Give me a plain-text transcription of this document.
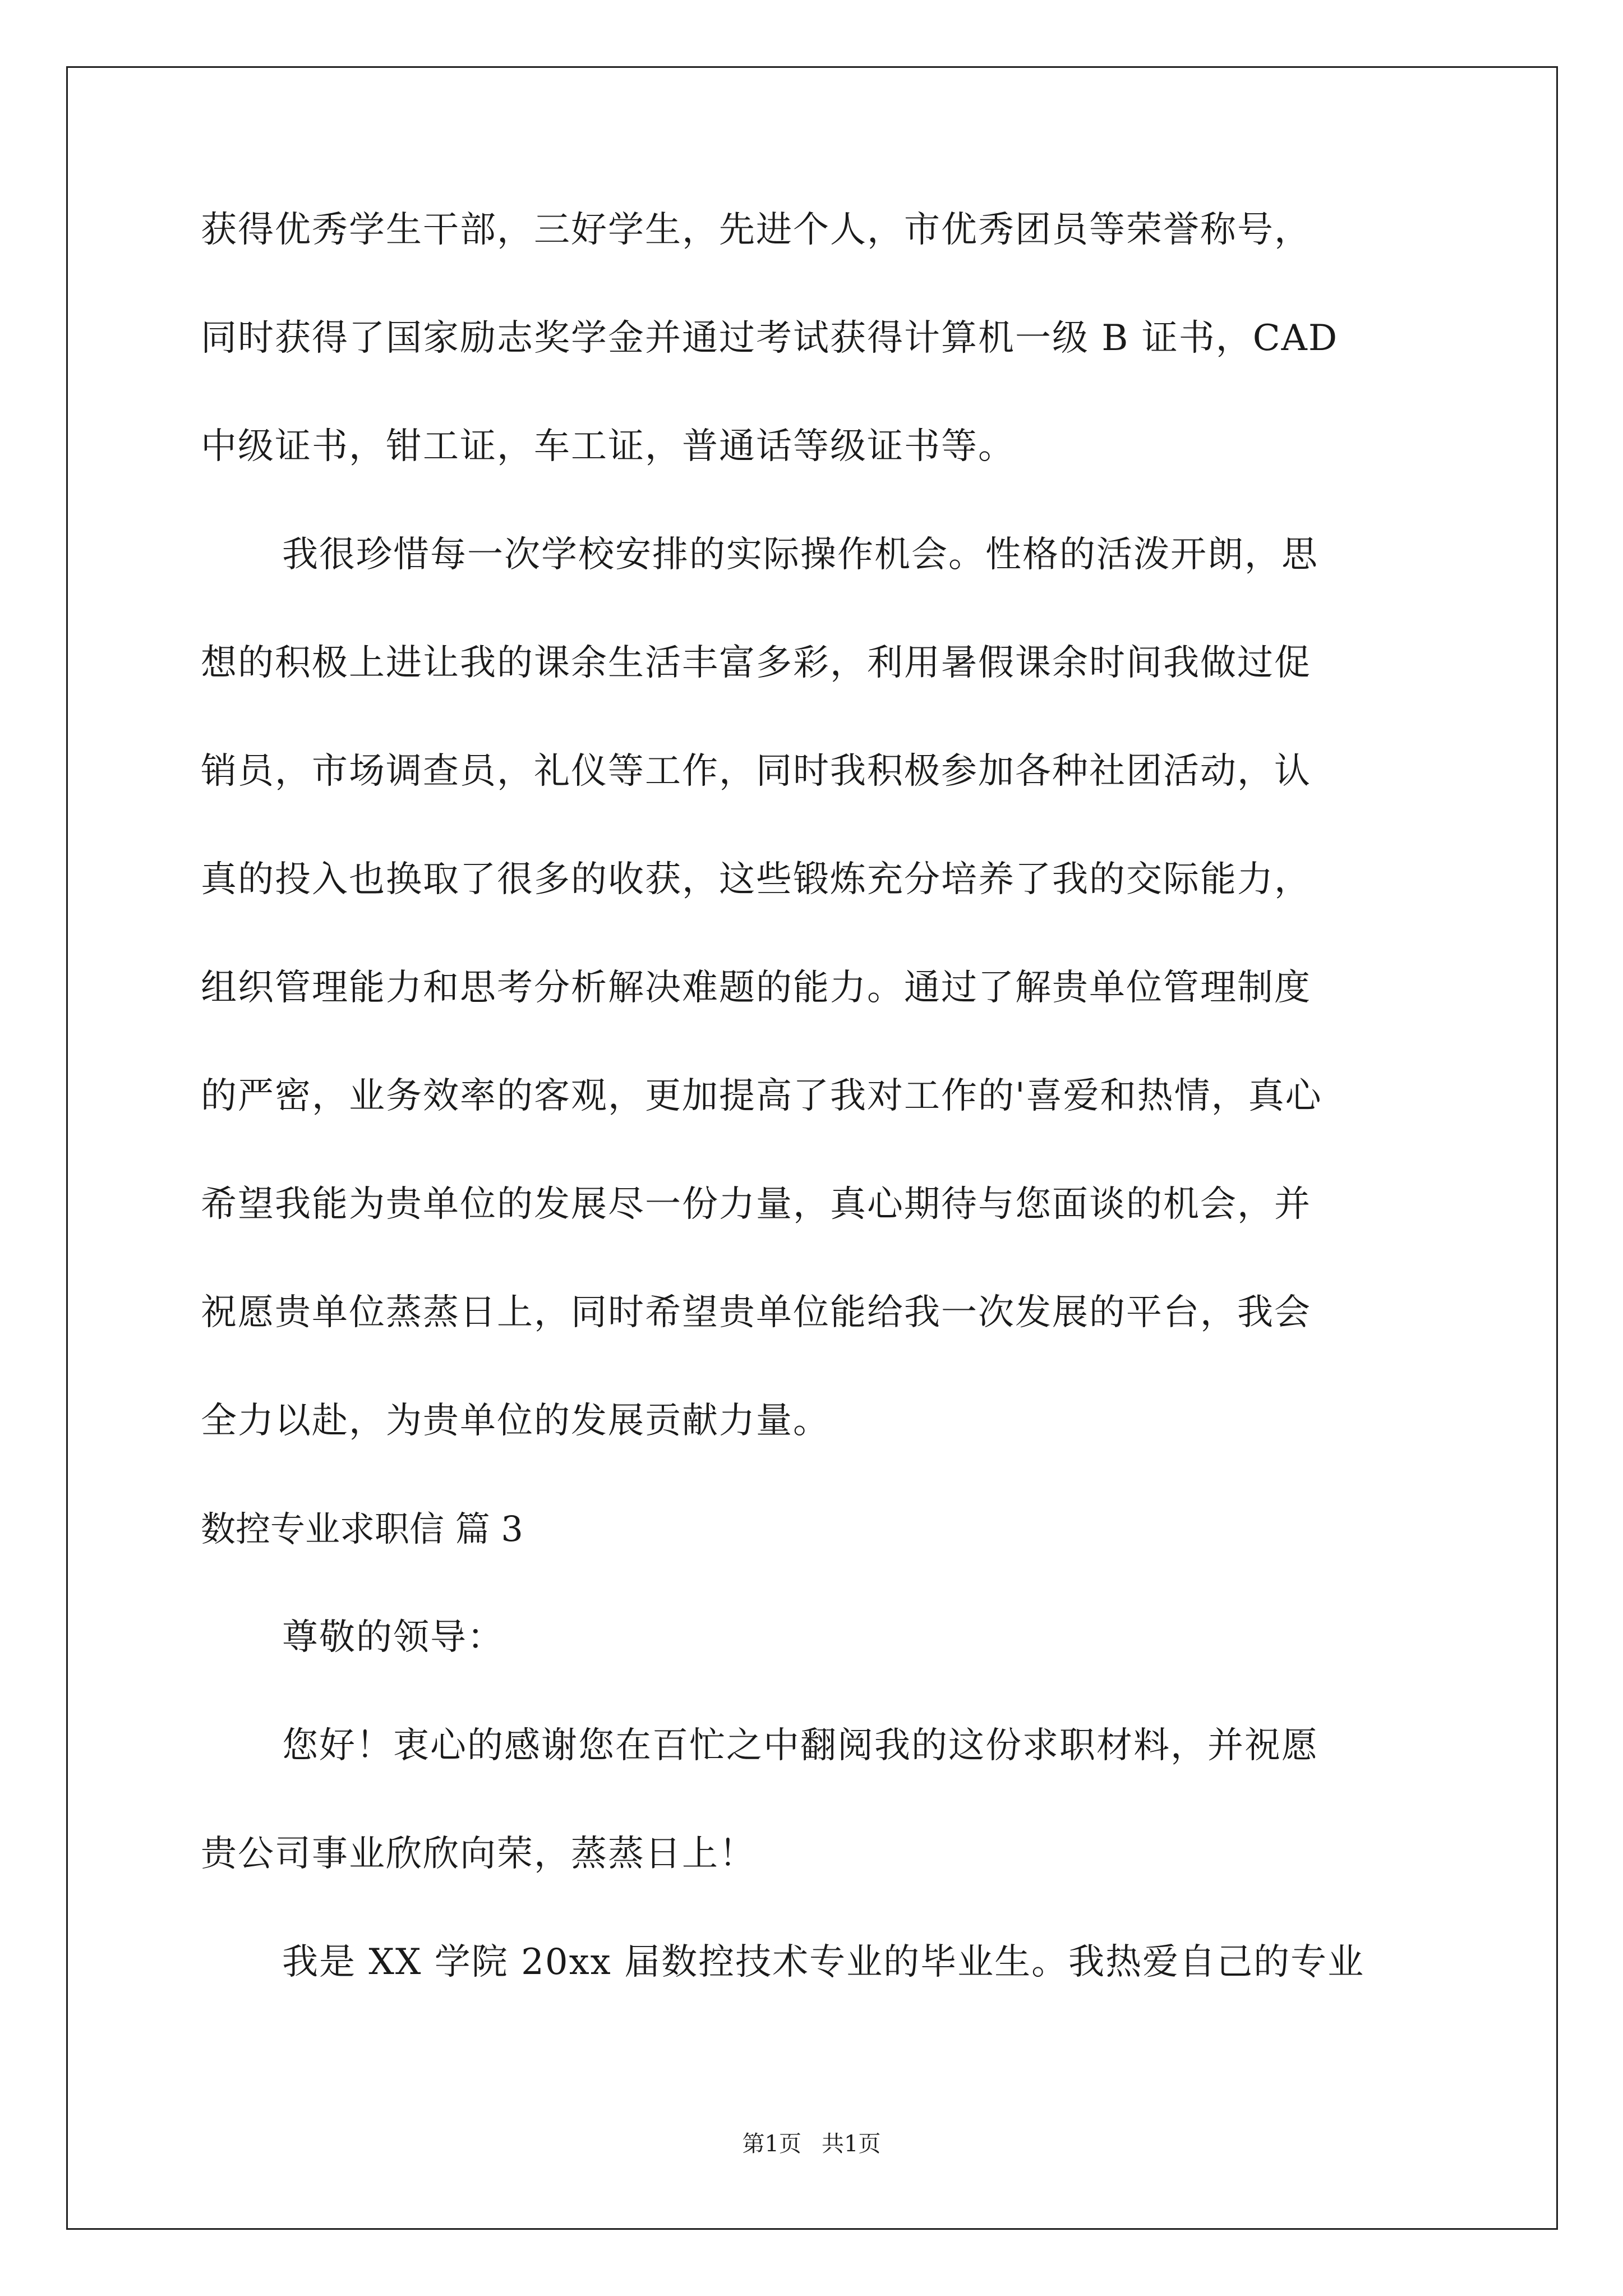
获得优秀学生干部，三好学生，先进个人，市优秀团员等荣誉称号，
同时获得了国家励志奖学金并通过考试获得计算机一级 B 证书，CAD
中级证书，钳工证，车工证，普通话等级证书等。
我很珍惜每一次学校安排的实际操作机会。性格的活泼开朗，思
想的积极上进让我的课余生活丰富多彩，利用暑假课余时间我做过促
销员，市场调查员，礼仪等工作，同时我积极参加各种社团活动，认
真的投入也换取了很多的收获，这些锻炼充分培养了我的交际能力，
组织管理能力和思考分析解决难题的能力。通过了解贵单位管理制度
的严密，业务效率的客观，更加提高了我对工作的'喜爱和热情，真心
希望我能为贵单位的发展尽一份力量，真心期待与您面谈的机会，并
祝愿贵单位蒸蒸日上，同时希望贵单位能给我一次发展的平台，我会
全力以赴，为贵单位的发展贡献力量。
数控专业求职信 篇 3
尊敬的领导：
您好！衷心的感谢您在百忙之中翻阅我的这份求职材料，并祝愿
贵公司事业欣欣向荣，蒸蒸日上！
我是 XX 学院 20xx 届数控技术专业的毕业生。我热爱自己的专业
第1页 共1页
